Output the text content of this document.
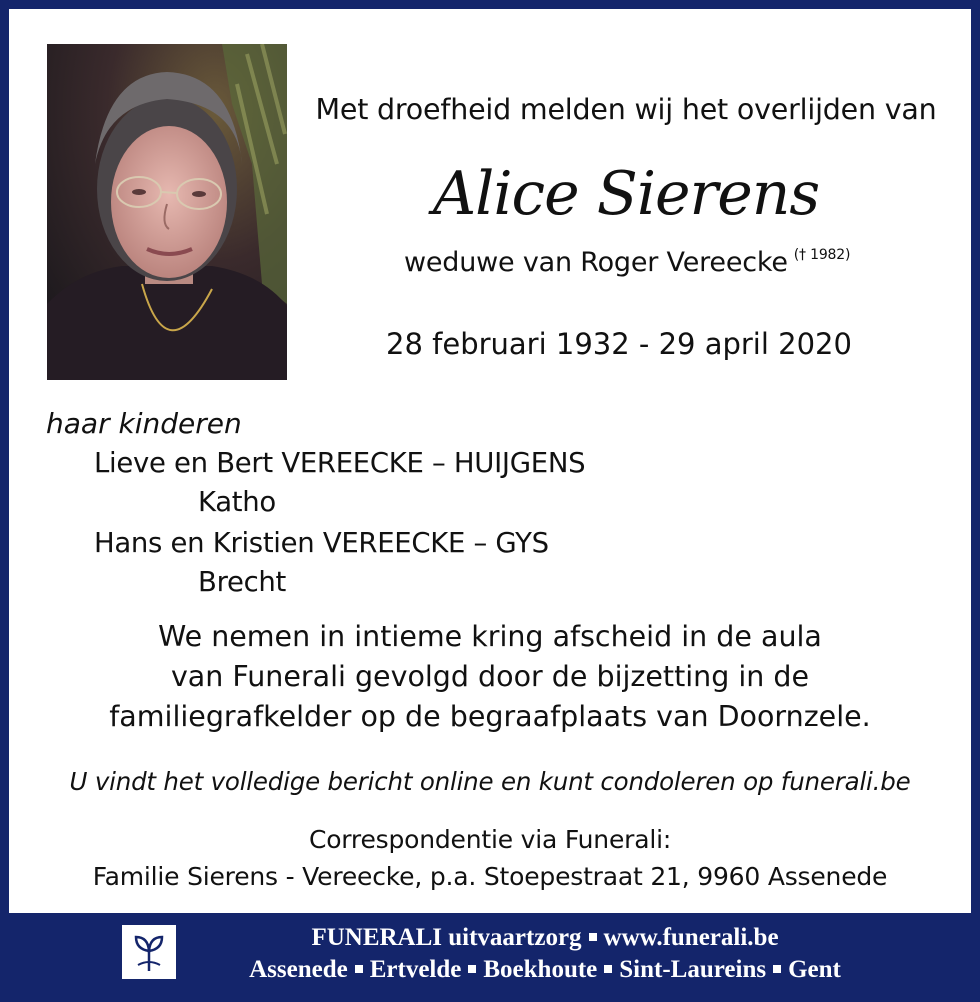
Met droefheid melden wij het overlijden van
Alice Sierens
weduwe van Roger Vereecke $^{(\dagger 1982)}$
28 februari 1932 - 29 april 2020
haar kinderen
Lieve en Bert VEREECKE – HUIJGENS
Katho
Hans en Kristien VEREECKE – GYS
Brecht
We nemen in intieme kring afscheid in de aula
van Funerali gevolgd door de bijzetting in de
familiegrafkelder op de begraafplaats van Doornzele.
U vindt het volledige bericht online en kunt condoleren op funerali.be
Correspondentie via Funerali:
Familie Sierens - Vereecke, p.a. Stoepestraat 21, 9960 Assenede
FUNERALI uitvaartzorg www.funerali.be
Assenede Ertvelde Boekhoute Sint-Laureins Gent
